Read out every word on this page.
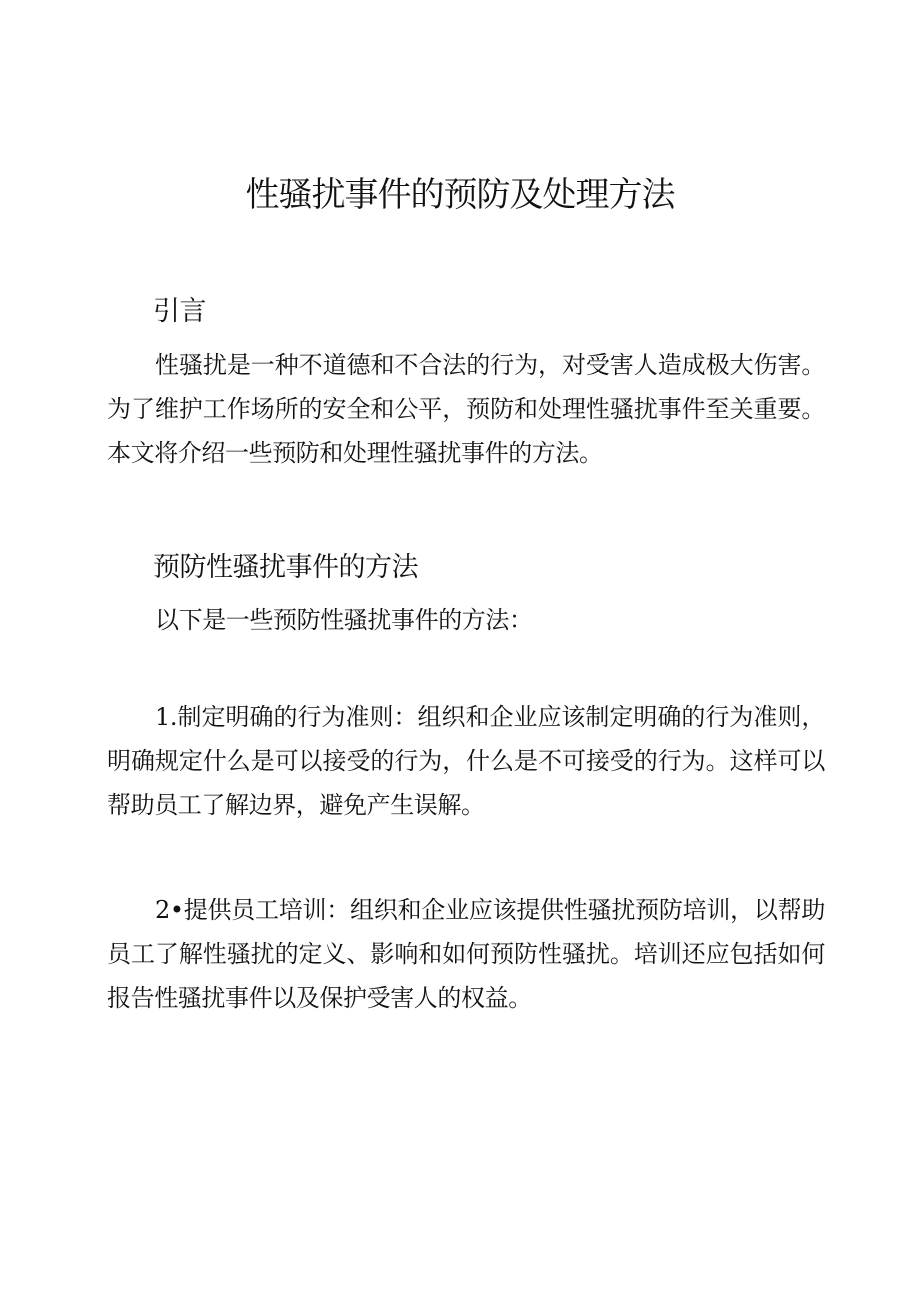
性骚扰事件的预防及处理方法
引言

性骚扰是一种不道德和不合法的行为，对受害人造成极大伤害。为了维护工作场所的安全和公平，预防和处理性骚扰事件至关重要。本文将介绍一些预防和处理性骚扰事件的方法。

预防性骚扰事件的方法

以下是一些预防性骚扰事件的方法：

1.制定明确的行为准则：组织和企业应该制定明确的行为准则，明确规定什么是可以接受的行为，什么是不可接受的行为。这样可以帮助员工了解边界，避免产生误解。

2•提供员工培训：组织和企业应该提供性骚扰预防培训，以帮助员工了解性骚扰的定义、影响和如何预防性骚扰。培训还应包括如何报告性骚扰事件以及保护受害人的权益。
